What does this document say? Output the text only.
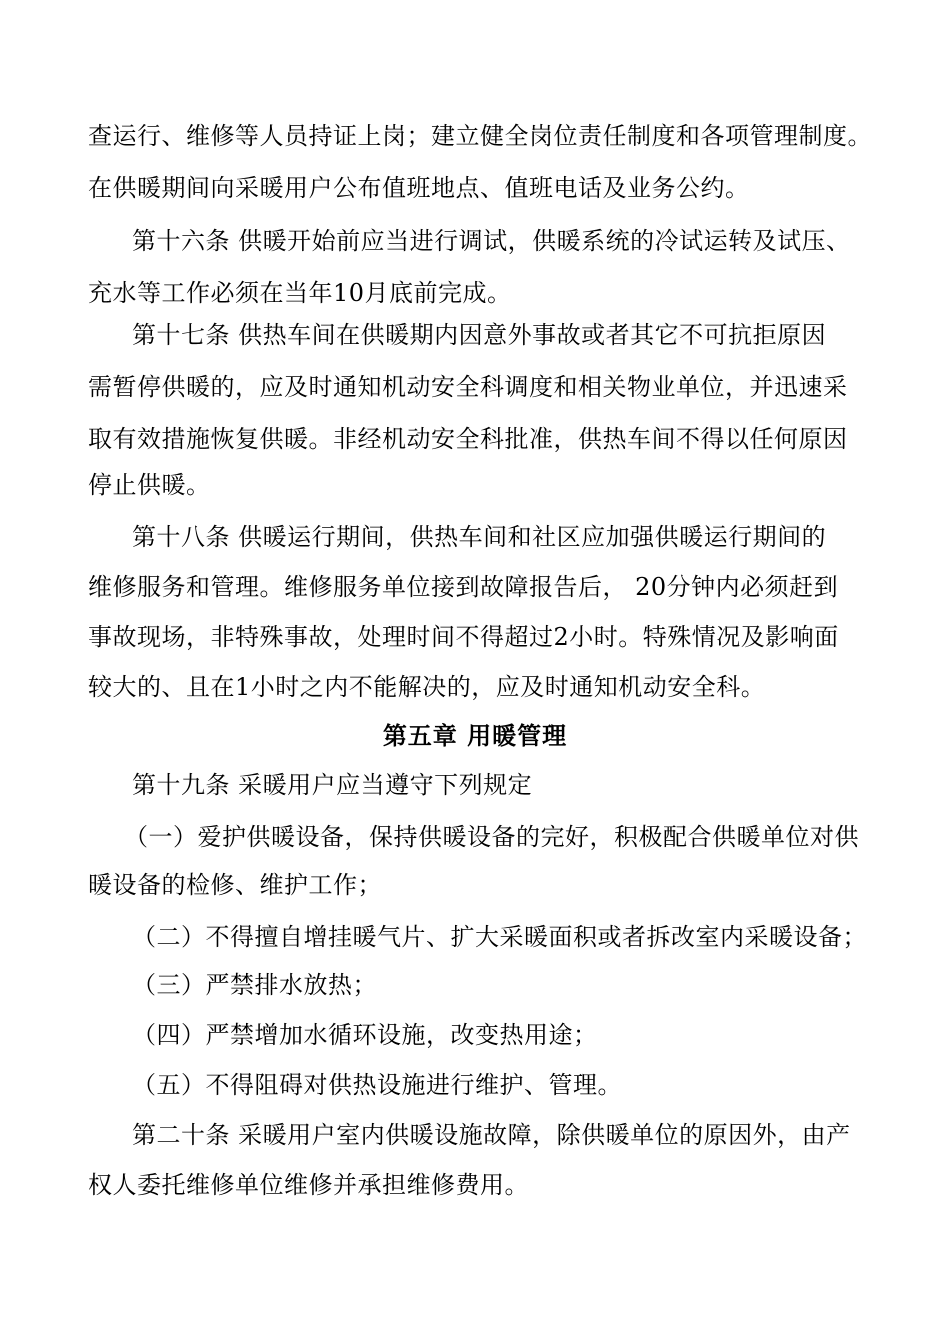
查运行、维修等人员持证上岗；建立健全岗位责任制度和各项管理制度。
在供暖期间向采暖用户公布值班地点、值班电话及业务公约。
第十六条 供暖开始前应当进行调试，供暖系统的冷试运转及试压、
充水等工作必须在当年10月底前完成。
第十七条 供热车间在供暖期内因意外事故或者其它不可抗拒原因
需暂停供暖的，应及时通知机动安全科调度和相关物业单位，并迅速采
取有效措施恢复供暖。非经机动安全科批准，供热车间不得以任何原因
停止供暖。
第十八条 供暖运行期间，供热车间和社区应加强供暖运行期间的
维修服务和管理。维修服务单位接到故障报告后， 20分钟内必须赶到
事故现场，非特殊事故，处理时间不得超过2小时。特殊情况及影响面
较大的、且在1小时之内不能解决的，应及时通知机动安全科。
第五章 用暖管理
第十九条 采暖用户应当遵守下列规定
（一）爱护供暖设备，保持供暖设备的完好，积极配合供暖单位对供
暖设备的检修、维护工作；
（二）不得擅自增挂暖气片、扩大采暖面积或者拆改室内采暖设备；
（三）严禁排水放热；
（四）严禁增加水循环设施，改变热用途；
（五）不得阻碍对供热设施进行维护、管理。
第二十条 采暖用户室内供暖设施故障，除供暖单位的原因外，由产
权人委托维修单位维修并承担维修费用。
